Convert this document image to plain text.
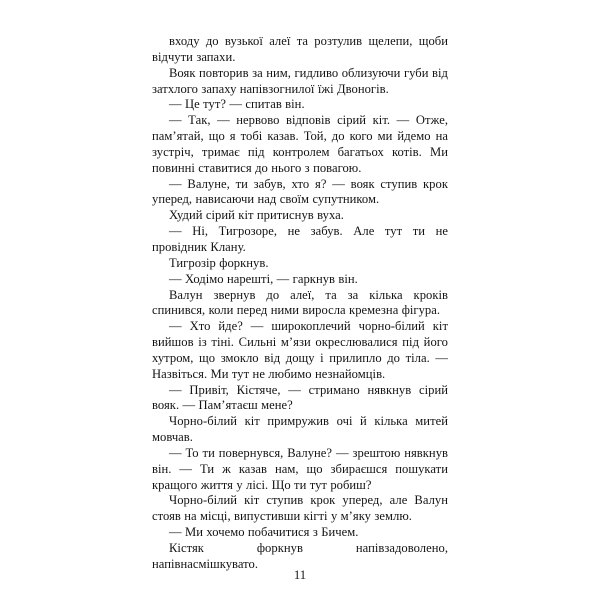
входу до вузької алеї та розтулив щелепи, щоби відчути запахи.

Вояк повторив за ним, гидливо облизуючи губи від затхлого запаху напівзогнилої їжі Двоногів.

— Це тут? — спитав він.

— Так, — нервово відповів сірий кіт. — Отже, пам’ятай, що я тобі казав. Той, до кого ми йдемо на зустріч, тримає під контролем багатьох котів. Ми повинні ставитися до нього з повагою.

— Валуне, ти забув, хто я? — вояк ступив крок уперед, нависаючи над своїм супутником.

Худий сірий кіт притиснув вуха.

— Ні, Тигрозоре, не забув. Але тут ти не провідник Клану.

Тигрозір форкнув.

— Ходімо нарешті, — гаркнув він.

Валун звернув до алеї, та за кілька кроків спинився, коли перед ними виросла кремезна фігура.

— Хто йде? — широкоплечий чорно-білий кіт вийшов із тіні. Сильні м’язи окреслювалися під його хутром, що змокло від дощу і прилипло до тіла. — Назвіться. Ми тут не любимо незнайомців.

— Привіт, Кістяче, — стримано нявкнув сірий вояк. — Пам’ятаєш мене?

Чорно-білий кіт примружив очі й кілька митей мовчав.

— То ти повернувся, Валуне? — зрештою нявкнув він. — Ти ж казав нам, що збираєшся пошукати кращого життя у лісі. Що ти тут робиш?

Чорно-білий кіт ступив крок уперед, але Валун стояв на місці, випустивши кігті у м’яку землю.

— Ми хочемо побачитися з Бичем.

Кістяк форкнув напівзадоволено, напівнасмішкувато.

11
